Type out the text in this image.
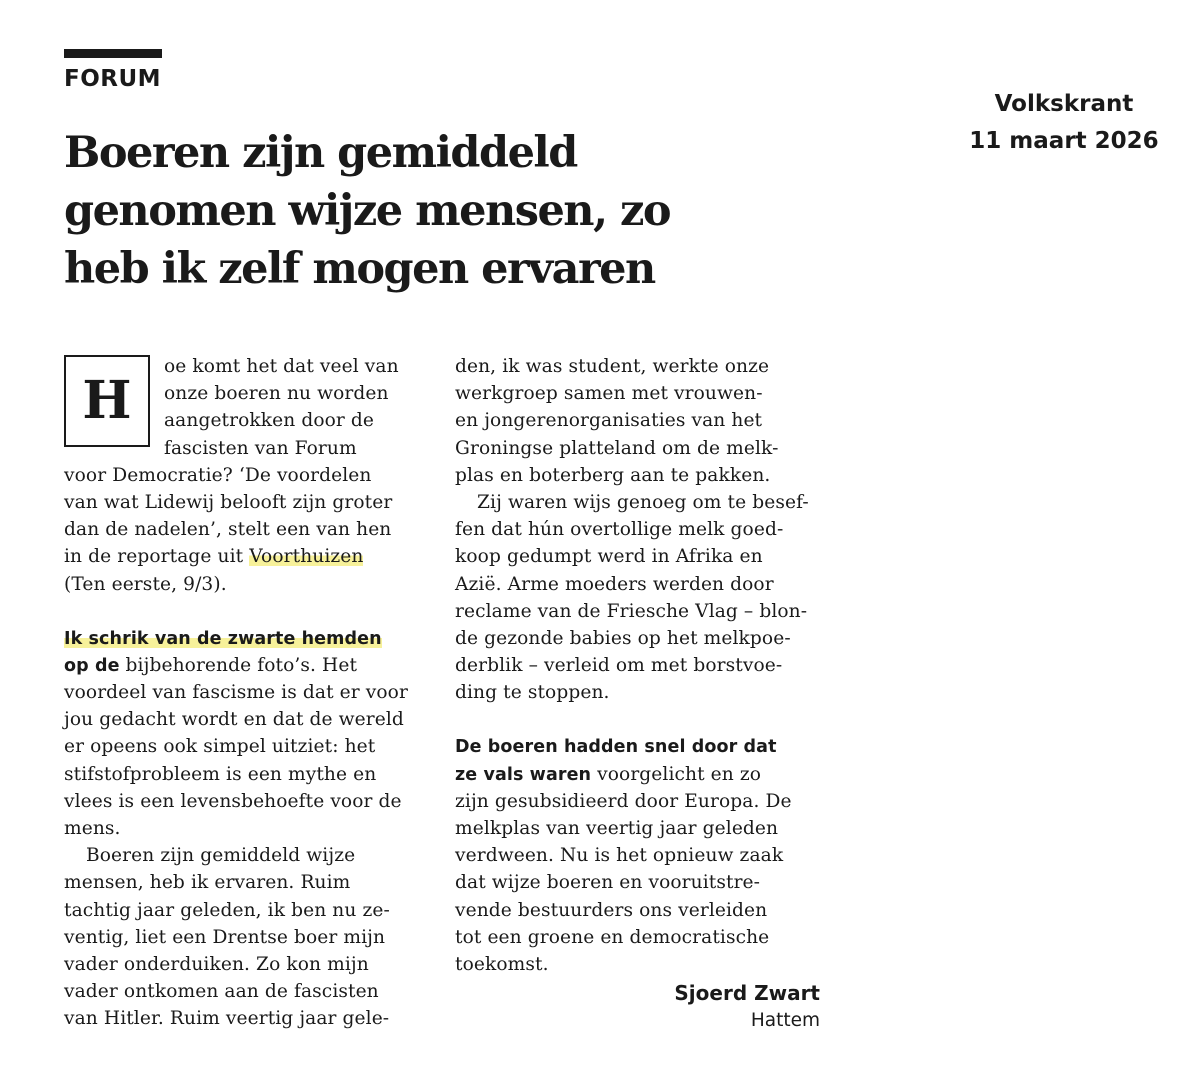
FORUM
Volkskrant
11 maart 2026
Boeren zijn gemiddeld
genomen wijze mensen, zo
heb ik zelf mogen ervaren
H
oe komt het dat veel van
onze boeren nu worden
aangetrokken door de
fascisten van Forum
voor Democratie? ‘De voordelen
van wat Lidewij belooft zijn groter
dan de nadelen’, stelt een van hen
in de reportage uit Voorthuizen
(Ten eerste, 9/3).
Ik schrik van de zwarte hemden
op de bijbehorende foto’s. Het
voordeel van fascisme is dat er voor
jou gedacht wordt en dat de wereld
er opeens ook simpel uitziet: het
stifstofprobleem is een mythe en
vlees is een levensbehoefte voor de
mens.
Boeren zijn gemiddeld wijze
mensen, heb ik ervaren. Ruim
tachtig jaar geleden, ik ben nu ze-
ventig, liet een Drentse boer mijn
vader onderduiken. Zo kon mijn
vader ontkomen aan de fascisten
van Hitler. Ruim veertig jaar gele-
den, ik was student, werkte onze
werkgroep samen met vrouwen-
en jongerenorganisaties van het
Groningse platteland om de melk-
plas en boterberg aan te pakken.
Zij waren wijs genoeg om te besef-
fen dat hún overtollige melk goed-
koop gedumpt werd in Afrika en
Azië. Arme moeders werden door
reclame van de Friesche Vlag – blon-
de gezonde babies op het melkpoe-
derblik – verleid om met borstvoe-
ding te stoppen.
De boeren hadden snel door dat
ze vals waren voorgelicht en zo
zijn gesubsidieerd door Europa. De
melkplas van veertig jaar geleden
verdween. Nu is het opnieuw zaak
dat wijze boeren en vooruitstre-
vende bestuurders ons verleiden
tot een groene en democratische
toekomst.
Sjoerd Zwart
Hattem
